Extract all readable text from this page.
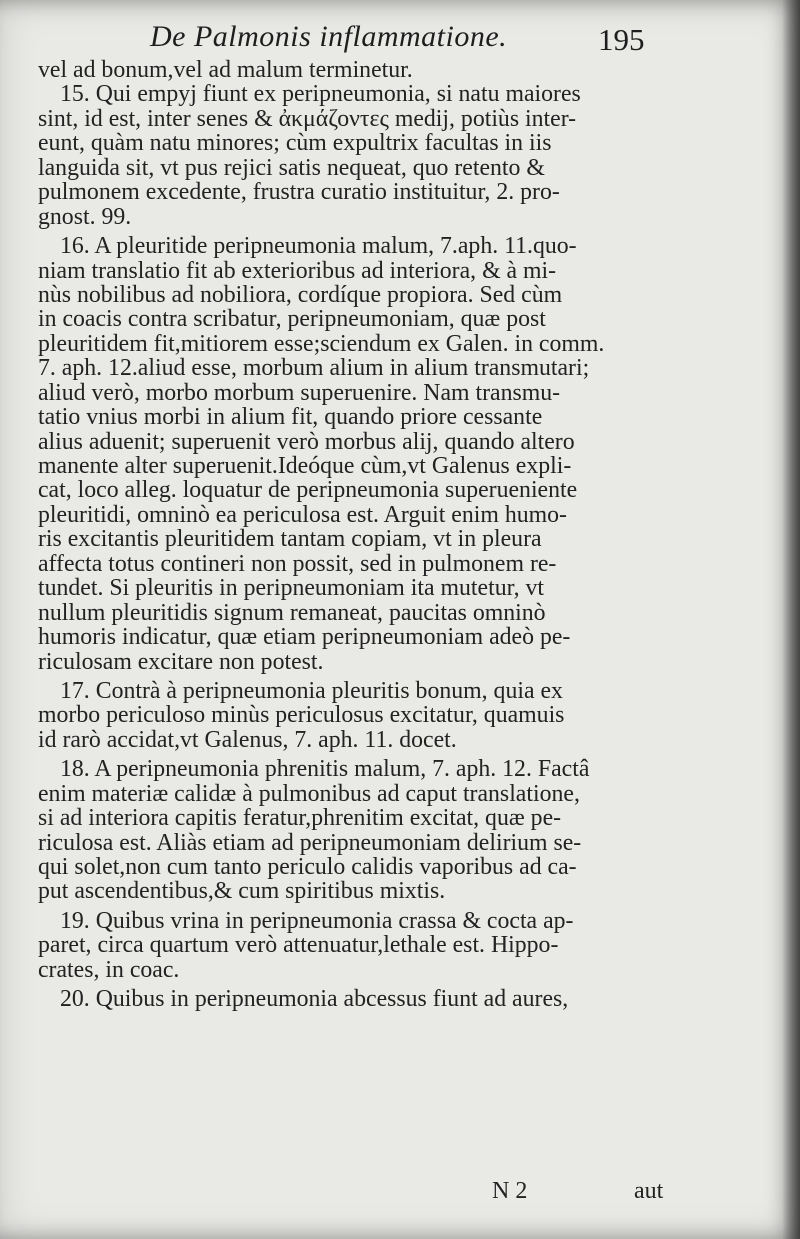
De Palmonis inflammatione.	195
vel ad bonum,vel ad malum terminetur.
15. Qui empyj fiunt ex peripneumonia, si natu maiores
sint, id est, inter senes & ἀκμάζοντες medij, potiùs inter-
eunt, quàm natu minores; cùm expultrix facultas in iis
languida sit, vt pus rejici satis nequeat, quo retento &
pulmonem excedente, frustra curatio instituitur, 2. pro-
gnost. 99.
16. A pleuritide peripneumonia malum, 7.aph. 11.quo-
niam translatio fit ab exterioribus ad interiora, & à mi-
nùs nobilibus ad nobiliora, cordíque propiora. Sed cùm
in coacis contra scribatur, peripneumoniam, quæ post
pleuritidem fit,mitiorem esse;sciendum ex Galen. in comm.
7. aph. 12.aliud esse, morbum alium in alium transmutari;
aliud verò, morbo morbum superuenire. Nam transmu-
tatio vnius morbi in alium fit, quando priore cessante
alius aduenit; superuenit verò morbus alij, quando altero
manente alter superuenit.Ideóque cùm,vt Galenus expli-
cat, loco alleg. loquatur de peripneumonia superueniente
pleuritidi, omninò ea periculosa est. Arguit enim humo-
ris excitantis pleuritidem tantam copiam, vt in pleura
affecta totus contineri non possit, sed in pulmonem re-
tundet. Si pleuritis in peripneumoniam ita mutetur, vt
nullum pleuritidis signum remaneat, paucitas omninò
humoris indicatur, quæ etiam peripneumoniam adeò pe-
riculosam excitare non potest.
17. Contrà à peripneumonia pleuritis bonum, quia ex
morbo periculoso minùs periculosus excitatur, quamuis
id rarò accidat,vt Galenus, 7. aph. 11. docet.
18. A peripneumonia phrenitis malum, 7. aph. 12. Factâ
enim materiæ calidæ à pulmonibus ad caput translatione,
si ad interiora capitis feratur,phrenitim excitat, quæ pe-
riculosa est. Aliàs etiam ad peripneumoniam delirium se-
qui solet,non cum tanto periculo calidis vaporibus ad ca-
put ascendentibus,& cum spiritibus mixtis.
19. Quibus vrina in peripneumonia crassa & cocta ap-
paret, circa quartum verò attenuatur,lethale est. Hippo-
crates, in coac.
20. Quibus in peripneumonia abcessus fiunt ad aures,
N 2	aut
